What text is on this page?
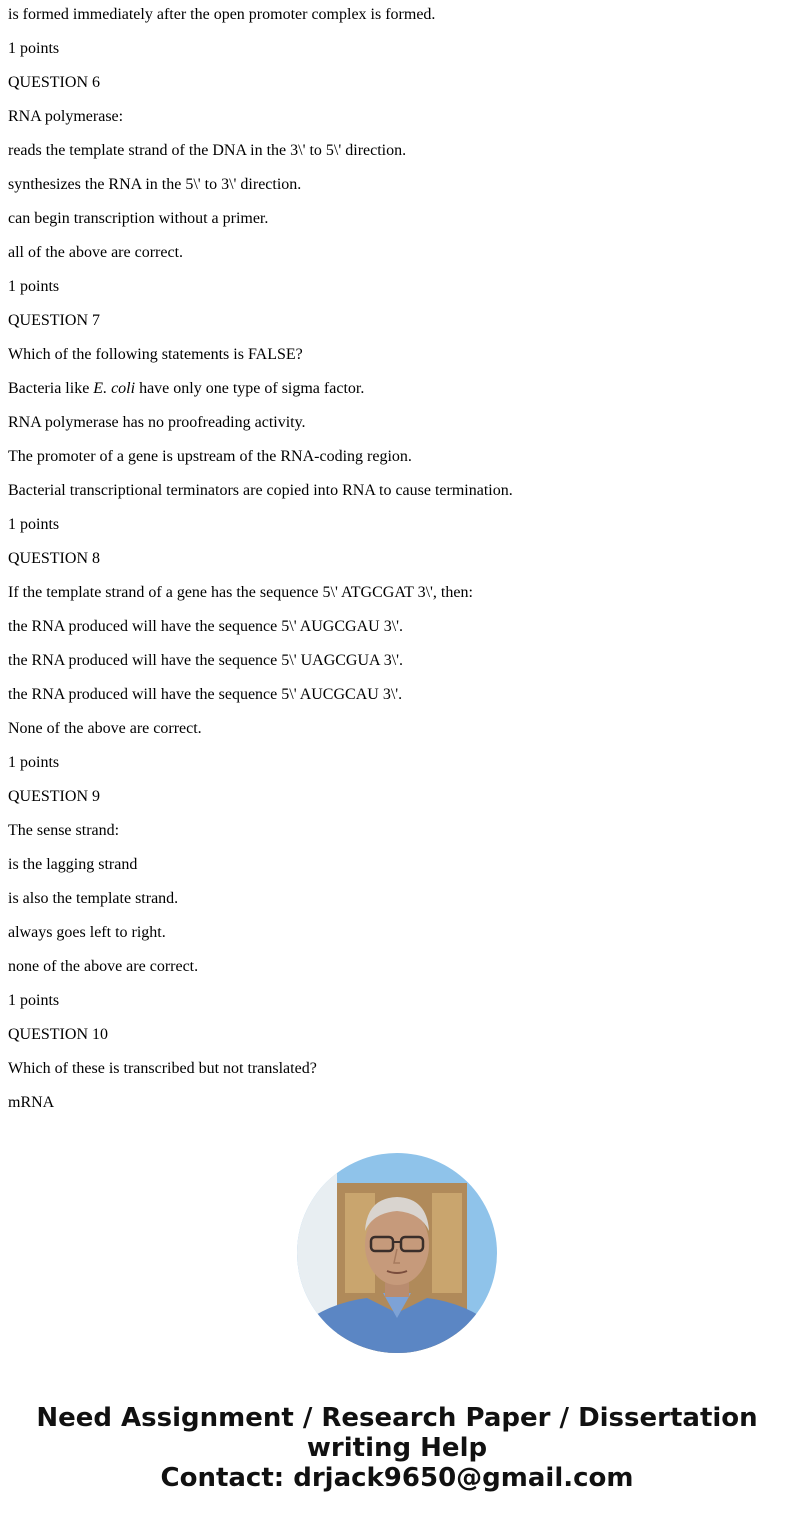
is formed immediately after the open promoter complex is formed.
1 points
QUESTION 6
RNA polymerase:
reads the template strand of the DNA in the 3\' to 5\' direction.
synthesizes the RNA in the 5\' to 3\' direction.
can begin transcription without a primer.
all of the above are correct.
1 points
QUESTION 7
Which of the following statements is FALSE?
Bacteria like E. coli have only one type of sigma factor.
RNA polymerase has no proofreading activity.
The promoter of a gene is upstream of the RNA-coding region.
Bacterial transcriptional terminators are copied into RNA to cause termination.
1 points
QUESTION 8
If the template strand of a gene has the sequence 5\' ATGCGAT 3\', then:
the RNA produced will have the sequence 5\' AUGCGAU 3\'.
the RNA produced will have the sequence 5\' UAGCGUA 3\'.
the RNA produced will have the sequence 5\' AUCGCAU 3\'.
None of the above are correct.
1 points
QUESTION 9
The sense strand:
is the lagging strand
is also the template strand.
always goes left to right.
none of the above are correct.
1 points
QUESTION 10
Which of these is transcribed but not translated?
mRNA
Need Assignment / Research Paper / Dissertation
writing Help
Contact: drjack9650@gmail.com
